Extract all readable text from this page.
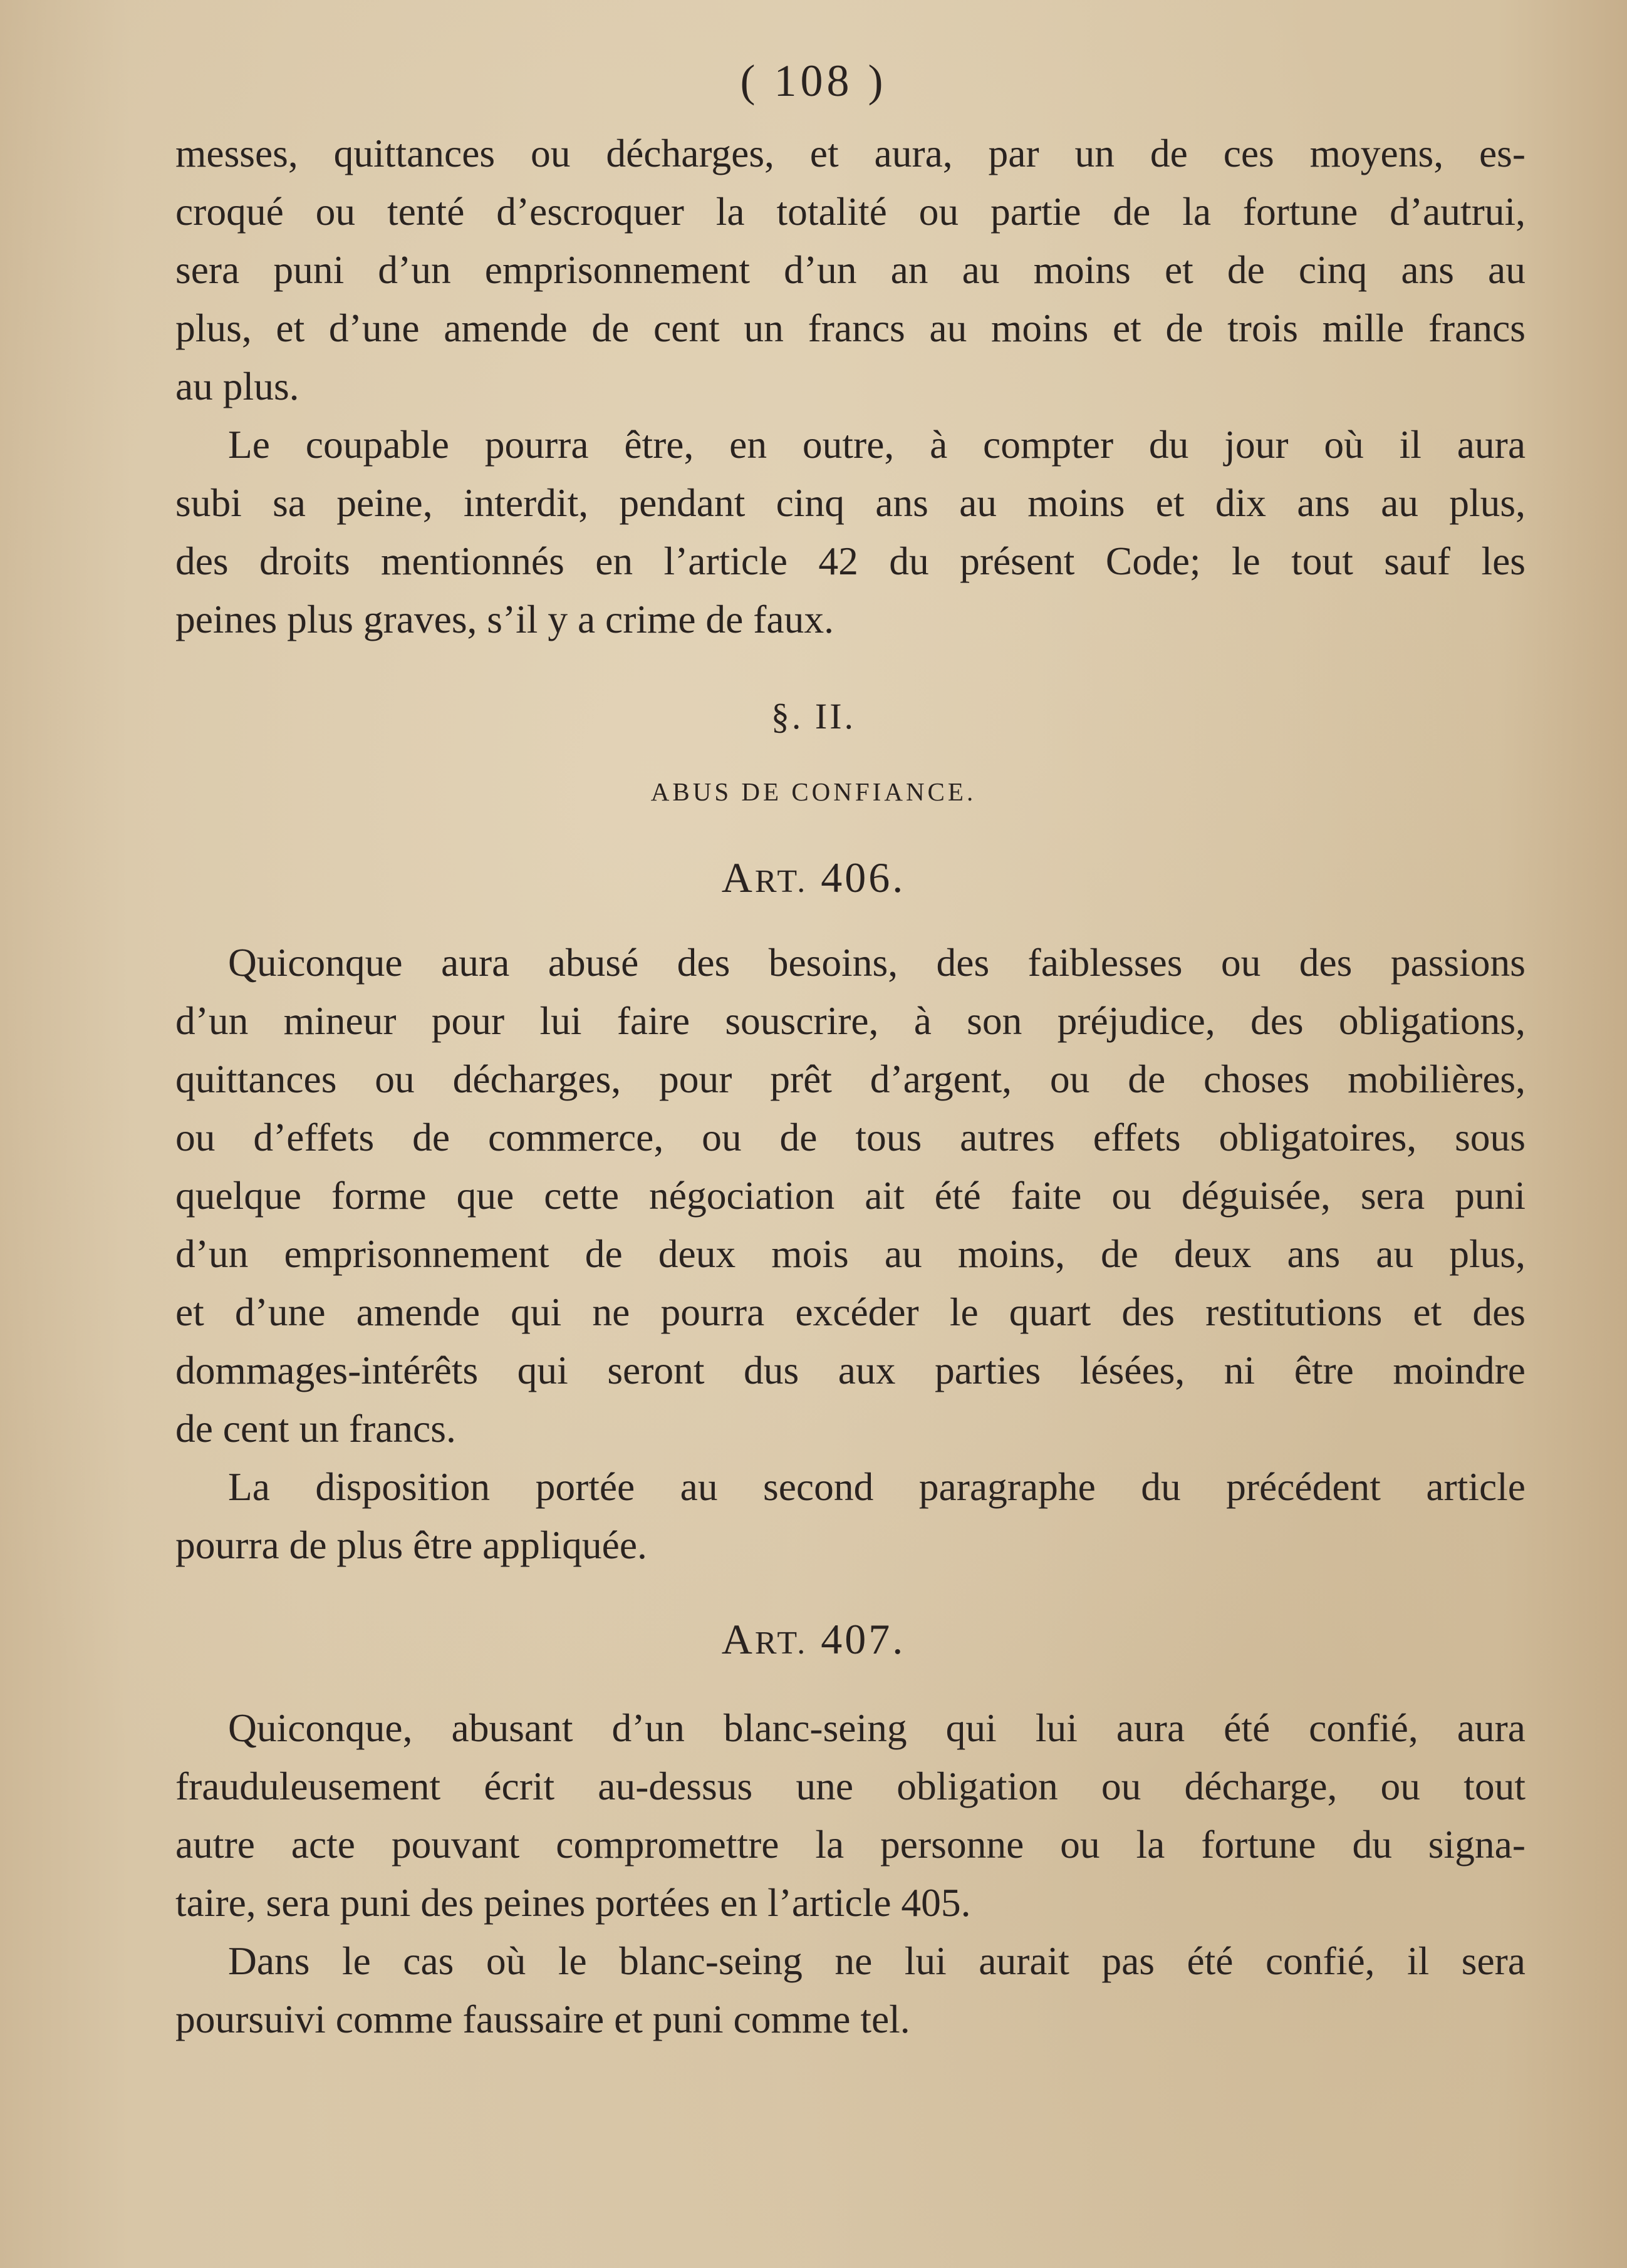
( 108 )
messes, quittances ou décharges, et aura, par un de ces moyens, es-
croqué ou tenté d’escroquer la totalité ou partie de la fortune d’autrui,
sera puni d’un emprisonnement d’un an au moins et de cinq ans au
plus, et d’une amende de cent un francs au moins et de trois mille francs
au plus.
Le coupable pourra être, en outre, à compter du jour où il aura
subi sa peine, interdit, pendant cinq ans au moins et dix ans au plus,
des droits mentionnés en l’article 42 du présent Code; le tout sauf les
peines plus graves, s’il y a crime de faux.
§. II.
ABUS DE CONFIANCE.
ART. 406.
Quiconque aura abusé des besoins, des faiblesses ou des passions
d’un mineur pour lui faire souscrire, à son préjudice, des obligations,
quittances ou décharges, pour prêt d’argent, ou de choses mobilières,
ou d’effets de commerce, ou de tous autres effets obligatoires, sous
quelque forme que cette négociation ait été faite ou déguisée, sera puni
d’un emprisonnement de deux mois au moins, de deux ans au plus,
et d’une amende qui ne pourra excéder le quart des restitutions et des
dommages-intérêts qui seront dus aux parties lésées, ni être moindre
de cent un francs.
La disposition portée au second paragraphe du précédent article
pourra de plus être appliquée.
ART. 407.
Quiconque, abusant d’un blanc-seing qui lui aura été confié, aura
frauduleusement écrit au-dessus une obligation ou décharge, ou tout
autre acte pouvant compromettre la personne ou la fortune du signa-
taire, sera puni des peines portées en l’article 405.
Dans le cas où le blanc-seing ne lui aurait pas été confié, il sera
poursuivi comme faussaire et puni comme tel.
